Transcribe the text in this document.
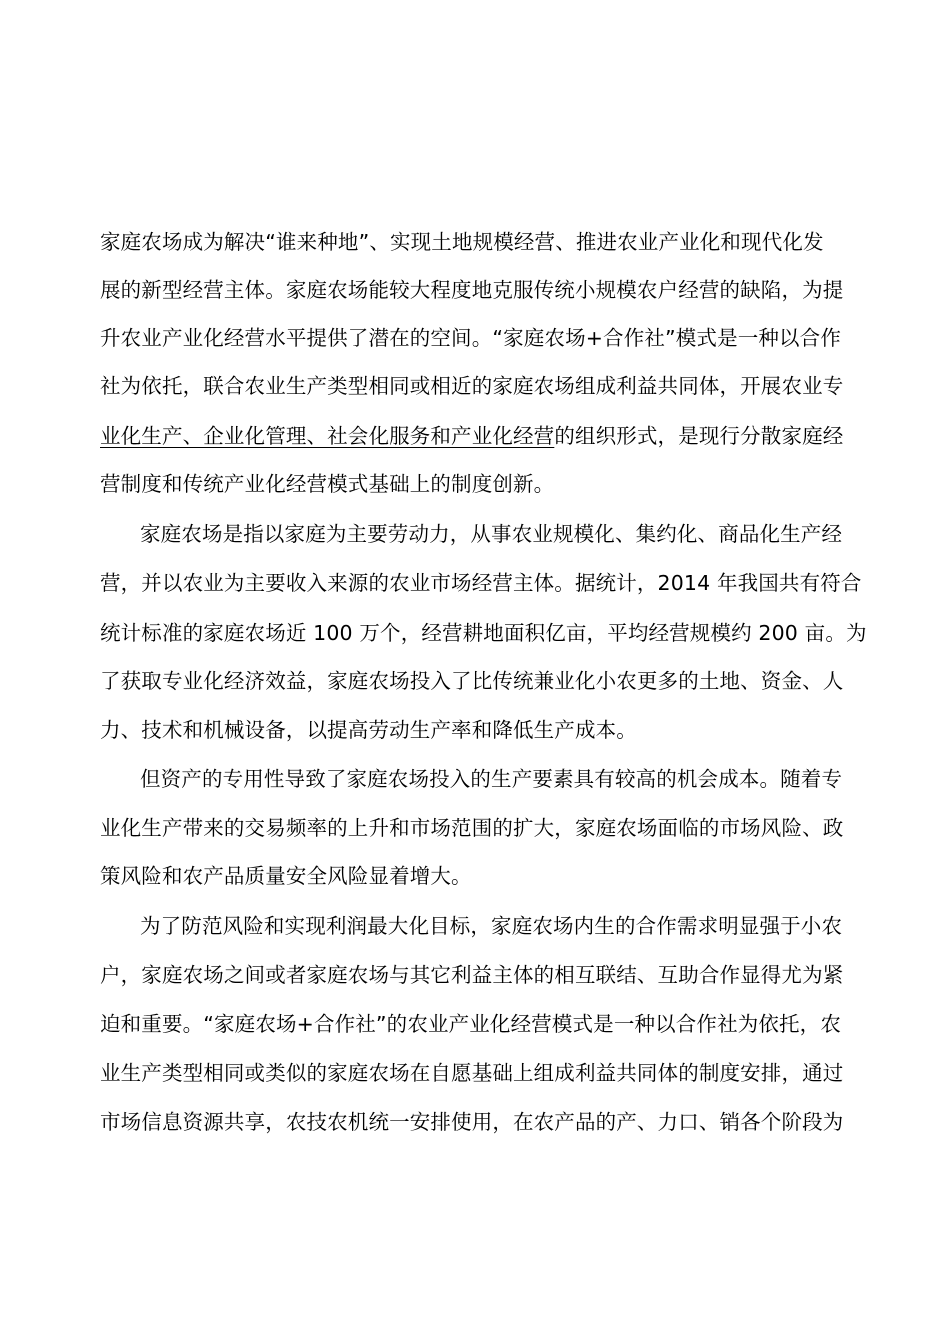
家庭农场成为解决“谁来种地”、实现土地规模经营、推进农业产业化和现代化发
展的新型经营主体。家庭农场能较大程度地克服传统小规模农户经营的缺陷，为提
升农业产业化经营水平提供了潜在的空间。“家庭农场+合作社”模式是一种以合作
社为依托，联合农业生产类型相同或相近的家庭农场组成利益共同体，开展农业专
业化生产、企业化管理、社会化服务和产业化经营的组织形式，是现行分散家庭经
营制度和传统产业化经营模式基础上的制度创新。
家庭农场是指以家庭为主要劳动力，从事农业规模化、集约化、商品化生产经
营，并以农业为主要收入来源的农业市场经营主体。据统计，2014 年我国共有符合
统计标准的家庭农场近 100 万个，经营耕地面积亿亩，平均经营规模约 200 亩。为
了获取专业化经济效益，家庭农场投入了比传统兼业化小农更多的土地、资金、人
力、技术和机械设备，以提高劳动生产率和降低生产成本。
但资产的专用性导致了家庭农场投入的生产要素具有较高的机会成本。随着专
业化生产带来的交易频率的上升和市场范围的扩大，家庭农场面临的市场风险、政
策风险和农产品质量安全风险显着增大。
为了防范风险和实现利润最大化目标，家庭农场内生的合作需求明显强于小农
户，家庭农场之间或者家庭农场与其它利益主体的相互联结、互助合作显得尤为紧
迫和重要。“家庭农场+合作社”的农业产业化经营模式是一种以合作社为依托，农
业生产类型相同或类似的家庭农场在自愿基础上组成利益共同体的制度安排，通过
市场信息资源共享，农技农机统一安排使用，在农产品的产、力口、销各个阶段为
